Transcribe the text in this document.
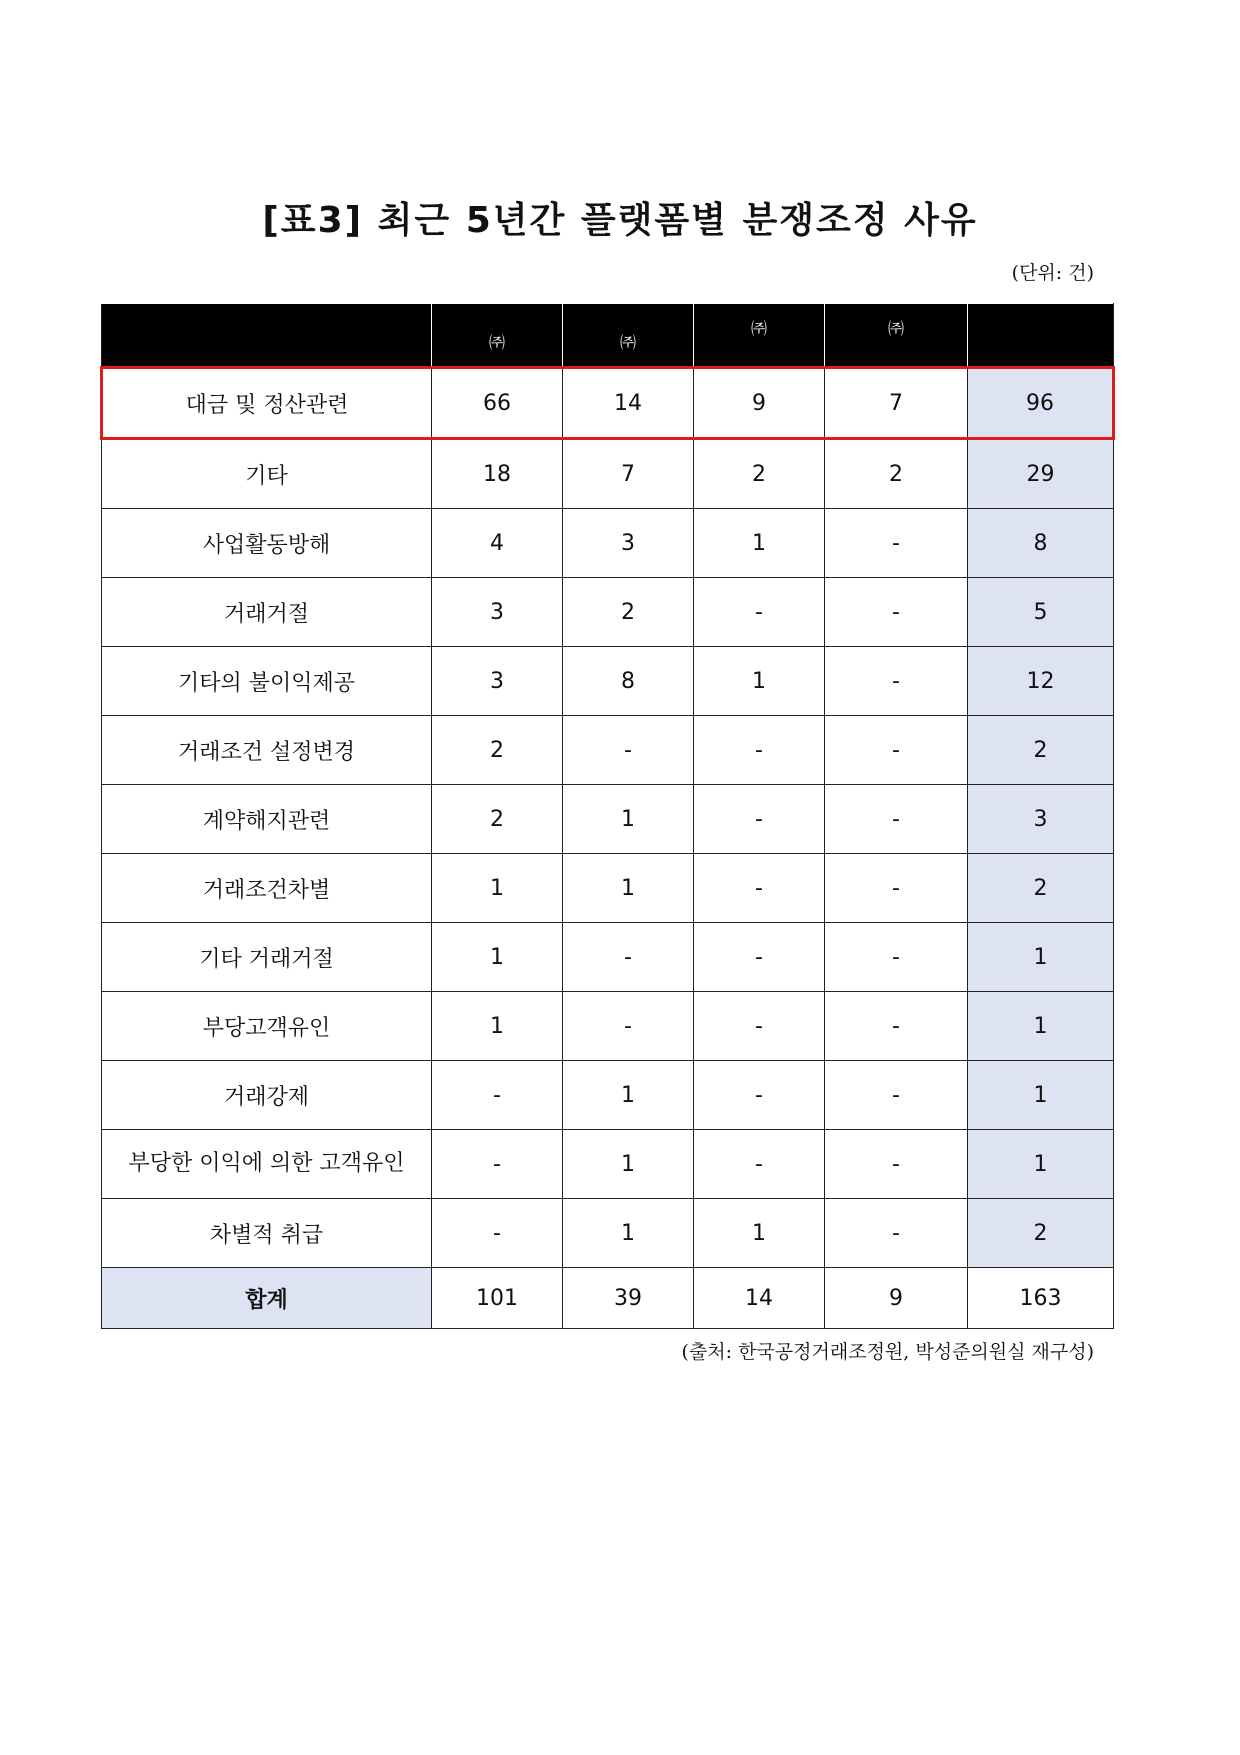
[표3] 최근 5년간 플랫폼별 분쟁조정 사유
(단위: 건)
	㈜	㈜	㈜	㈜	
대금 및 정산관련	66	14	9	7	96
기타	18	7	2	2	29
사업활동방해	4	3	1	-	8
거래거절	3	2	-	-	5
기타의 불이익제공	3	8	1	-	12
거래조건 설정변경	2	-	-	-	2
계약해지관련	2	1	-	-	3
거래조건차별	1	1	-	-	2
기타 거래거절	1	-	-	-	1
부당고객유인	1	-	-	-	1
거래강제	-	1	-	-	1
부당한 이익에 의한 고객유인	-	1	-	-	1
차별적 취급	-	1	1	-	2
합계	101	39	14	9	163
(출처: 한국공정거래조정원, 박성준의원실 재구성)
